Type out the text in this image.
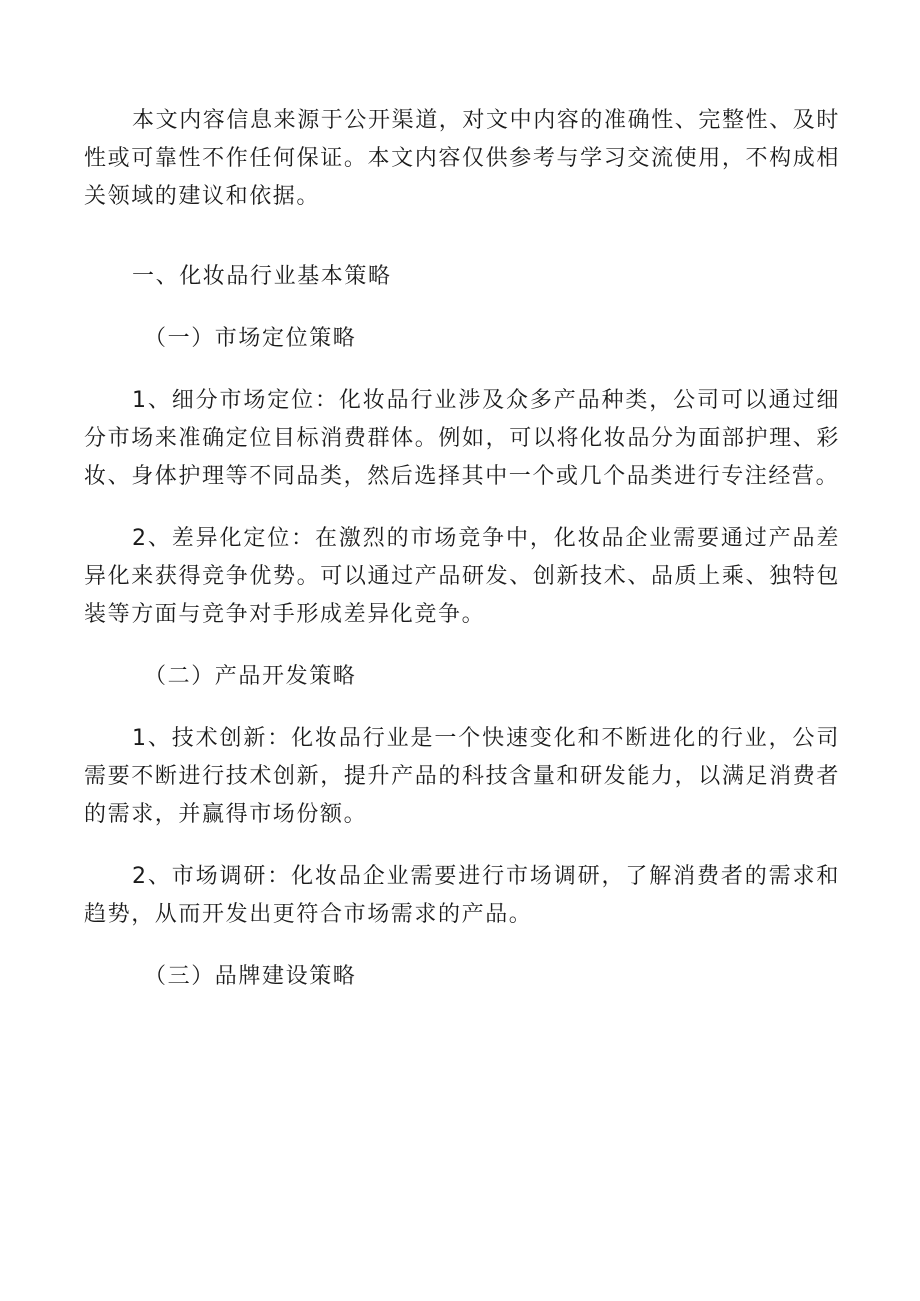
本文内容信息来源于公开渠道，对文中内容的准确性、完整性、及时性或可靠性不作任何保证。本文内容仅供参考与学习交流使用，不构成相关领域的建议和依据。

一、化妆品行业基本策略

（一）市场定位策略

1、细分市场定位：化妆品行业涉及众多产品种类，公司可以通过细分市场来准确定位目标消费群体。例如，可以将化妆品分为面部护理、彩妆、身体护理等不同品类，然后选择其中一个或几个品类进行专注经营。

2、差异化定位：在激烈的市场竞争中，化妆品企业需要通过产品差异化来获得竞争优势。可以通过产品研发、创新技术、品质上乘、独特包装等方面与竞争对手形成差异化竞争。

（二）产品开发策略

1、技术创新：化妆品行业是一个快速变化和不断进化的行业，公司需要不断进行技术创新，提升产品的科技含量和研发能力，以满足消费者的需求，并赢得市场份额。

2、市场调研：化妆品企业需要进行市场调研，了解消费者的需求和趋势，从而开发出更符合市场需求的产品。

（三）品牌建设策略
